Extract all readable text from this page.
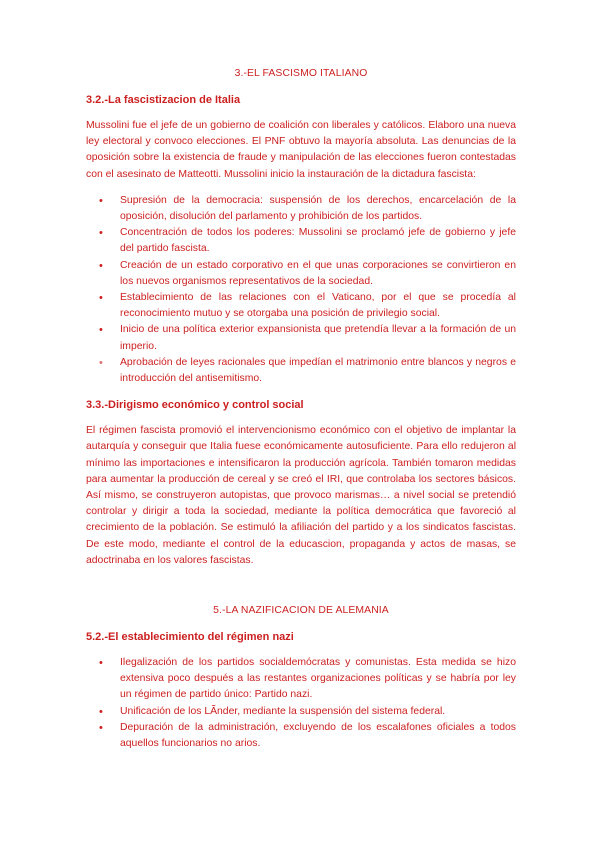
3.-EL FASCISMO ITALIANO
3.2.-La fascistizacion de Italia

Mussolini fue el jefe de un gobierno de coalición con liberales y católicos. Elaboro una nueva ley electoral y convoco elecciones. El PNF obtuvo la mayoría absoluta. Las denuncias de la oposición sobre la existencia de fraude y manipulación de las elecciones fueron contestadas con el asesinato de Matteotti. Mussolini inicio la instauración de la dictadura fascista:

• Supresión de la democracia: suspensión de los derechos, encarcelación de la oposición, disolución del parlamento y prohibición de los partidos.
• Concentración de todos los poderes: Mussolini se proclamó jefe de gobierno y jefe del partido fascista.
• Creación de un estado corporativo en el que unas corporaciones se convirtieron en los nuevos organismos representativos de la sociedad.
• Establecimiento de las relaciones con el Vaticano, por el que se procedía al reconocimiento mutuo y se otorgaba una posición de privilegio social.
• Inicio de una política exterior expansionista que pretendía llevar a la formación de un imperio.
• Aprobación de leyes racionales que impedían el matrimonio entre blancos y negros e introducción del antisemitismo.
3.3.-Dirigismo económico y control social

El régimen fascista promovió el intervencionismo económico con el objetivo de implantar la autarquía y conseguir que Italia fuese económicamente autosuficiente. Para ello redujeron al mínimo las importaciones e intensificaron la producción agrícola. También tomaron medidas para aumentar la producción de cereal y se creó el IRI, que controlaba los sectores básicos. Así mismo, se construyeron autopistas, que provoco marismas… a nivel social se pretendió controlar y dirigir a toda la sociedad, mediante la política democrática que favoreció al crecimiento de la población. Se estimuló la afiliación del partido y a los sindicatos fascistas. De este modo, mediante el control de la educascion, propaganda y actos de masas, se adoctrinaba en los valores fascistas.

5.-LA NAZIFICACION DE ALEMANIA
5.2.-El establecimiento del régimen nazi
• Ilegalización de los partidos socialdemócratas y comunistas. Esta medida se hizo extensiva poco después a las restantes organizaciones políticas y se habría por ley un régimen de partido único: Partido nazi.
• Unificación de los LÃnder, mediante la suspensión del sistema federal.
• Depuración de la administración, excluyendo de los escalafones oficiales a todos aquellos funcionarios no arios.
